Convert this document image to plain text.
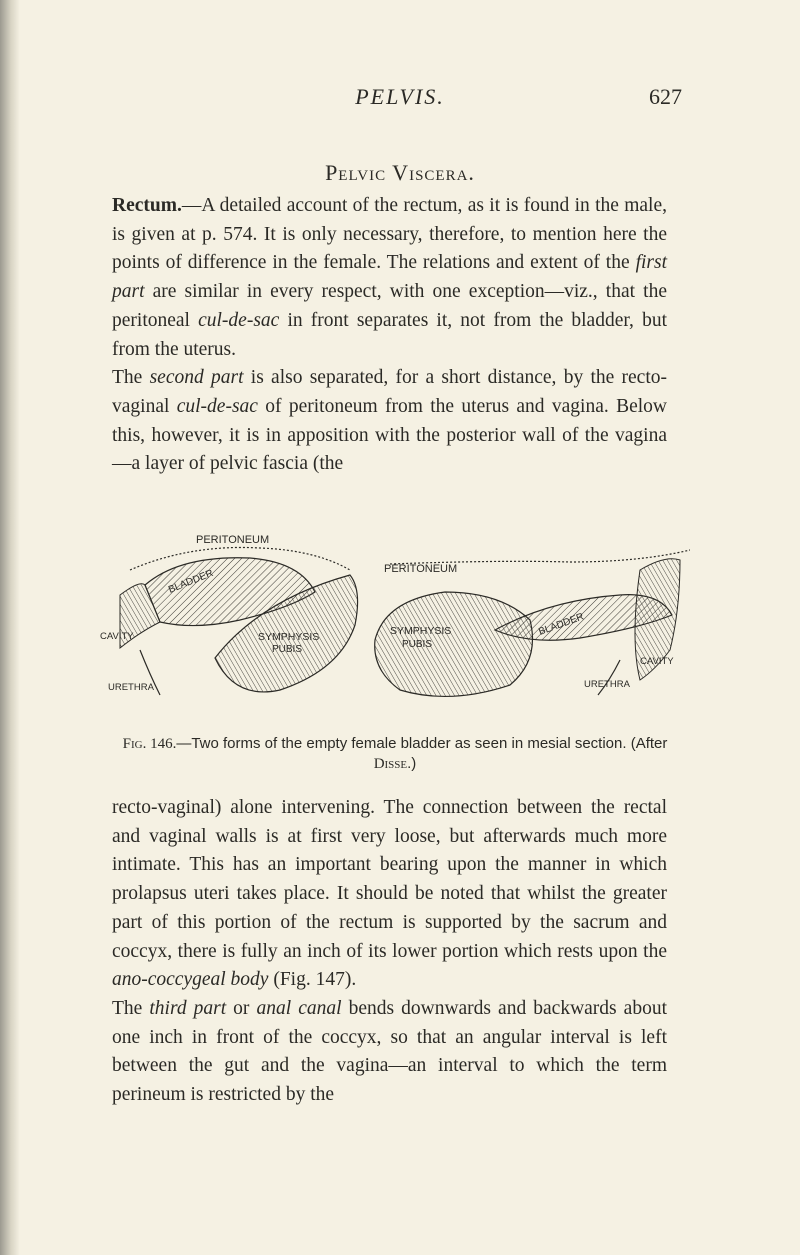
PELVIS.	627
Pelvic Viscera.

Rectum.—A detailed account of the rectum, as it is found in the male, is given at p. 574. It is only necessary, therefore, to mention here the points of difference in the female. The relations and extent of the first part are similar in every respect, with one exception—viz., that the peritoneal cul-de-sac in front separates it, not from the bladder, but from the uterus.

The second part is also separated, for a short distance, by the recto-vaginal cul-de-sac of peritoneum from the uterus and vagina. Below this, however, it is in apposition with the posterior wall of the vagina—a layer of pelvic fascia (the

PERITONEUM
BLADDER
SYMPHYSIS
PUBIS
CAVITY
URETHRA
PERITONEUM
SYMPHYSIS
PUBIS
BLADDER
CAVITY
URETHRA
Fig. 146.—Two forms of the empty female bladder as seen in mesial section. (After Disse.)

recto-vaginal) alone intervening. The connection between the rectal and vaginal walls is at first very loose, but afterwards much more intimate. This has an important bearing upon the manner in which prolapsus uteri takes place. It should be noted that whilst the greater part of this portion of the rectum is supported by the sacrum and coccyx, there is fully an inch of its lower portion which rests upon the ano-coccygeal body (Fig. 147).

The third part or anal canal bends downwards and backwards about one inch in front of the coccyx, so that an angular interval is left between the gut and the vagina—an interval to which the term perineum is restricted by the
